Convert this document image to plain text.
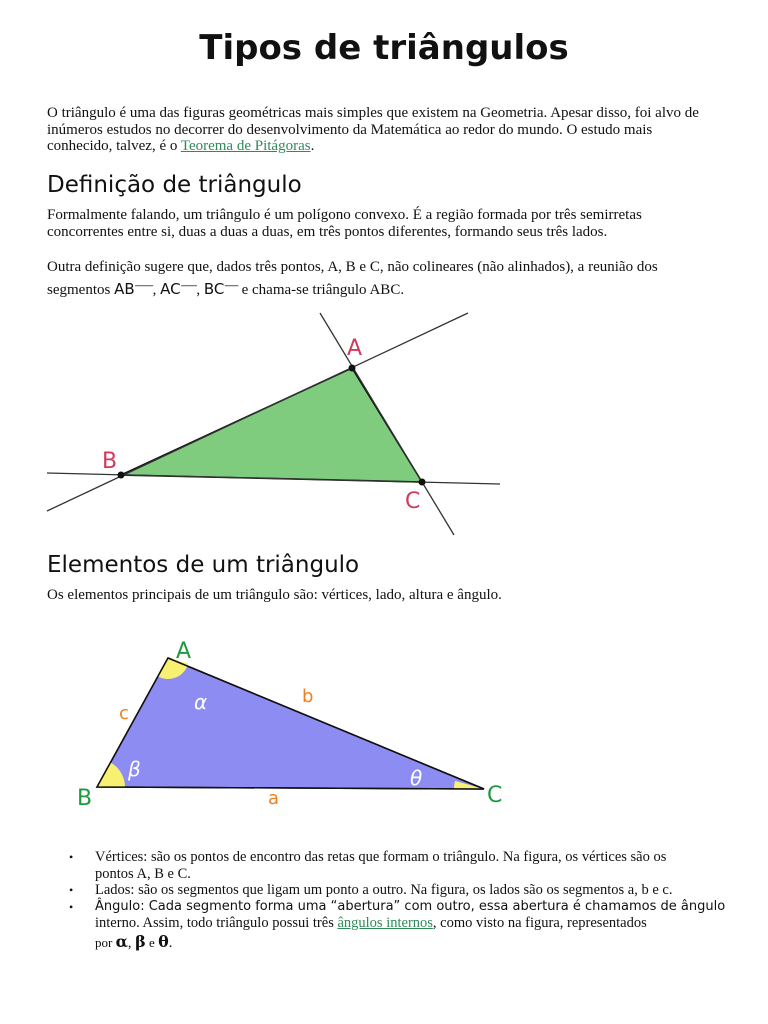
Tipos de triângulos
O triângulo é uma das figuras geométricas mais simples que existem na Geometria. Apesar disso, foi alvo de
inúmeros estudos no decorrer do desenvolvimento da Matemática ao redor do mundo. O estudo mais
conhecido, talvez, é o Teorema de Pitágoras.
Definição de triângulo
Formalmente falando, um triângulo é um polígono convexo. É a região formada por três semirretas
concorrentes entre si, duas a duas a duas, em três pontos diferentes, formando seus três lados.
Outra definição sugere que, dados três pontos, A, B e C, não colineares (não alinhados), a reunião dos
segmentos AB--------, AC-------, BC------ e chama-se triângulo ABC.
A
B
C
Elementos de um triângulo
Os elementos principais de um triângulo são: vértices, lado, altura e ângulo.
A
B	C
c
b
a
α
β	θ
• Vértices: são os pontos de encontro das retas que formam o triângulo. Na figura, os vértices são os
pontos A, B e C.
• Lados: são os segmentos que ligam um ponto a outro. Na figura, os lados são os segmentos a, b e c.
• Ângulo: Cada segmento forma uma “abertura” com outro, essa abertura é chamamos de ângulo
interno. Assim, todo triângulo possui três ângulos internos, como visto na figura, representados
por α, β e θ.
